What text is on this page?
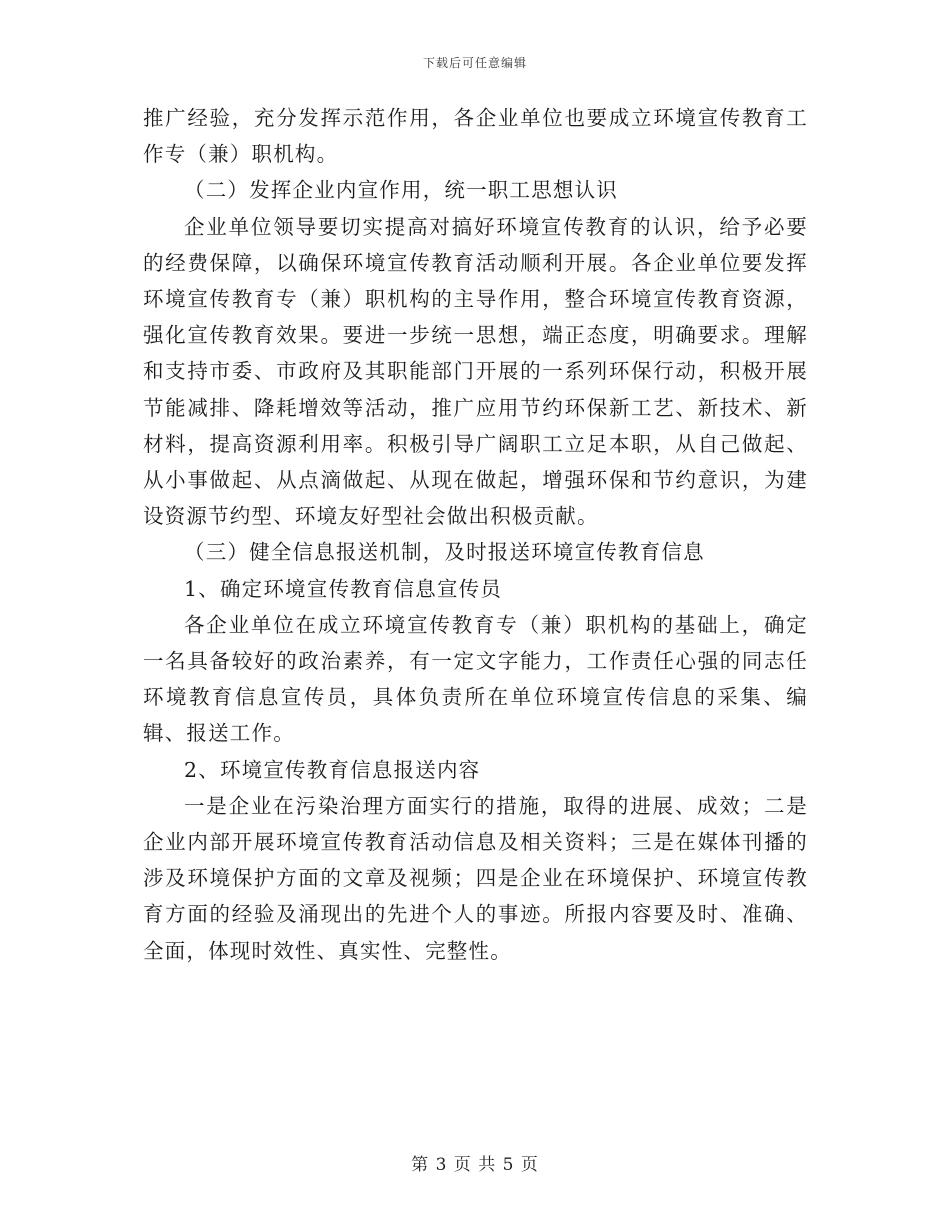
下载后可任意编辑

推广经验，充分发挥示范作用，各企业单位也要成立环境宣传教育工作专（兼）职机构。

（二）发挥企业内宣作用，统一职工思想认识

企业单位领导要切实提高对搞好环境宣传教育的认识，给予必要的经费保障，以确保环境宣传教育活动顺利开展。各企业单位要发挥环境宣传教育专（兼）职机构的主导作用，整合环境宣传教育资源，强化宣传教育效果。要进一步统一思想，端正态度，明确要求。理解和支持市委、市政府及其职能部门开展的一系列环保行动，积极开展节能减排、降耗增效等活动，推广应用节约环保新工艺、新技术、新材料，提高资源利用率。积极引导广阔职工立足本职，从自己做起、从小事做起、从点滴做起、从现在做起，增强环保和节约意识，为建设资源节约型、环境友好型社会做出积极贡献。

（三）健全信息报送机制，及时报送环境宣传教育信息

1、确定环境宣传教育信息宣传员

各企业单位在成立环境宣传教育专（兼）职机构的基础上，确定一名具备较好的政治素养，有一定文字能力，工作责任心强的同志任环境教育信息宣传员，具体负责所在单位环境宣传信息的采集、编辑、报送工作。

2、环境宣传教育信息报送内容

一是企业在污染治理方面实行的措施，取得的进展、成效；二是企业内部开展环境宣传教育活动信息及相关资料；三是在媒体刊播的涉及环境保护方面的文章及视频；四是企业在环境保护、环境宣传教育方面的经验及涌现出的先进个人的事迹。所报内容要及时、准确、全面，体现时效性、真实性、完整性。

第 3 页 共 5 页
